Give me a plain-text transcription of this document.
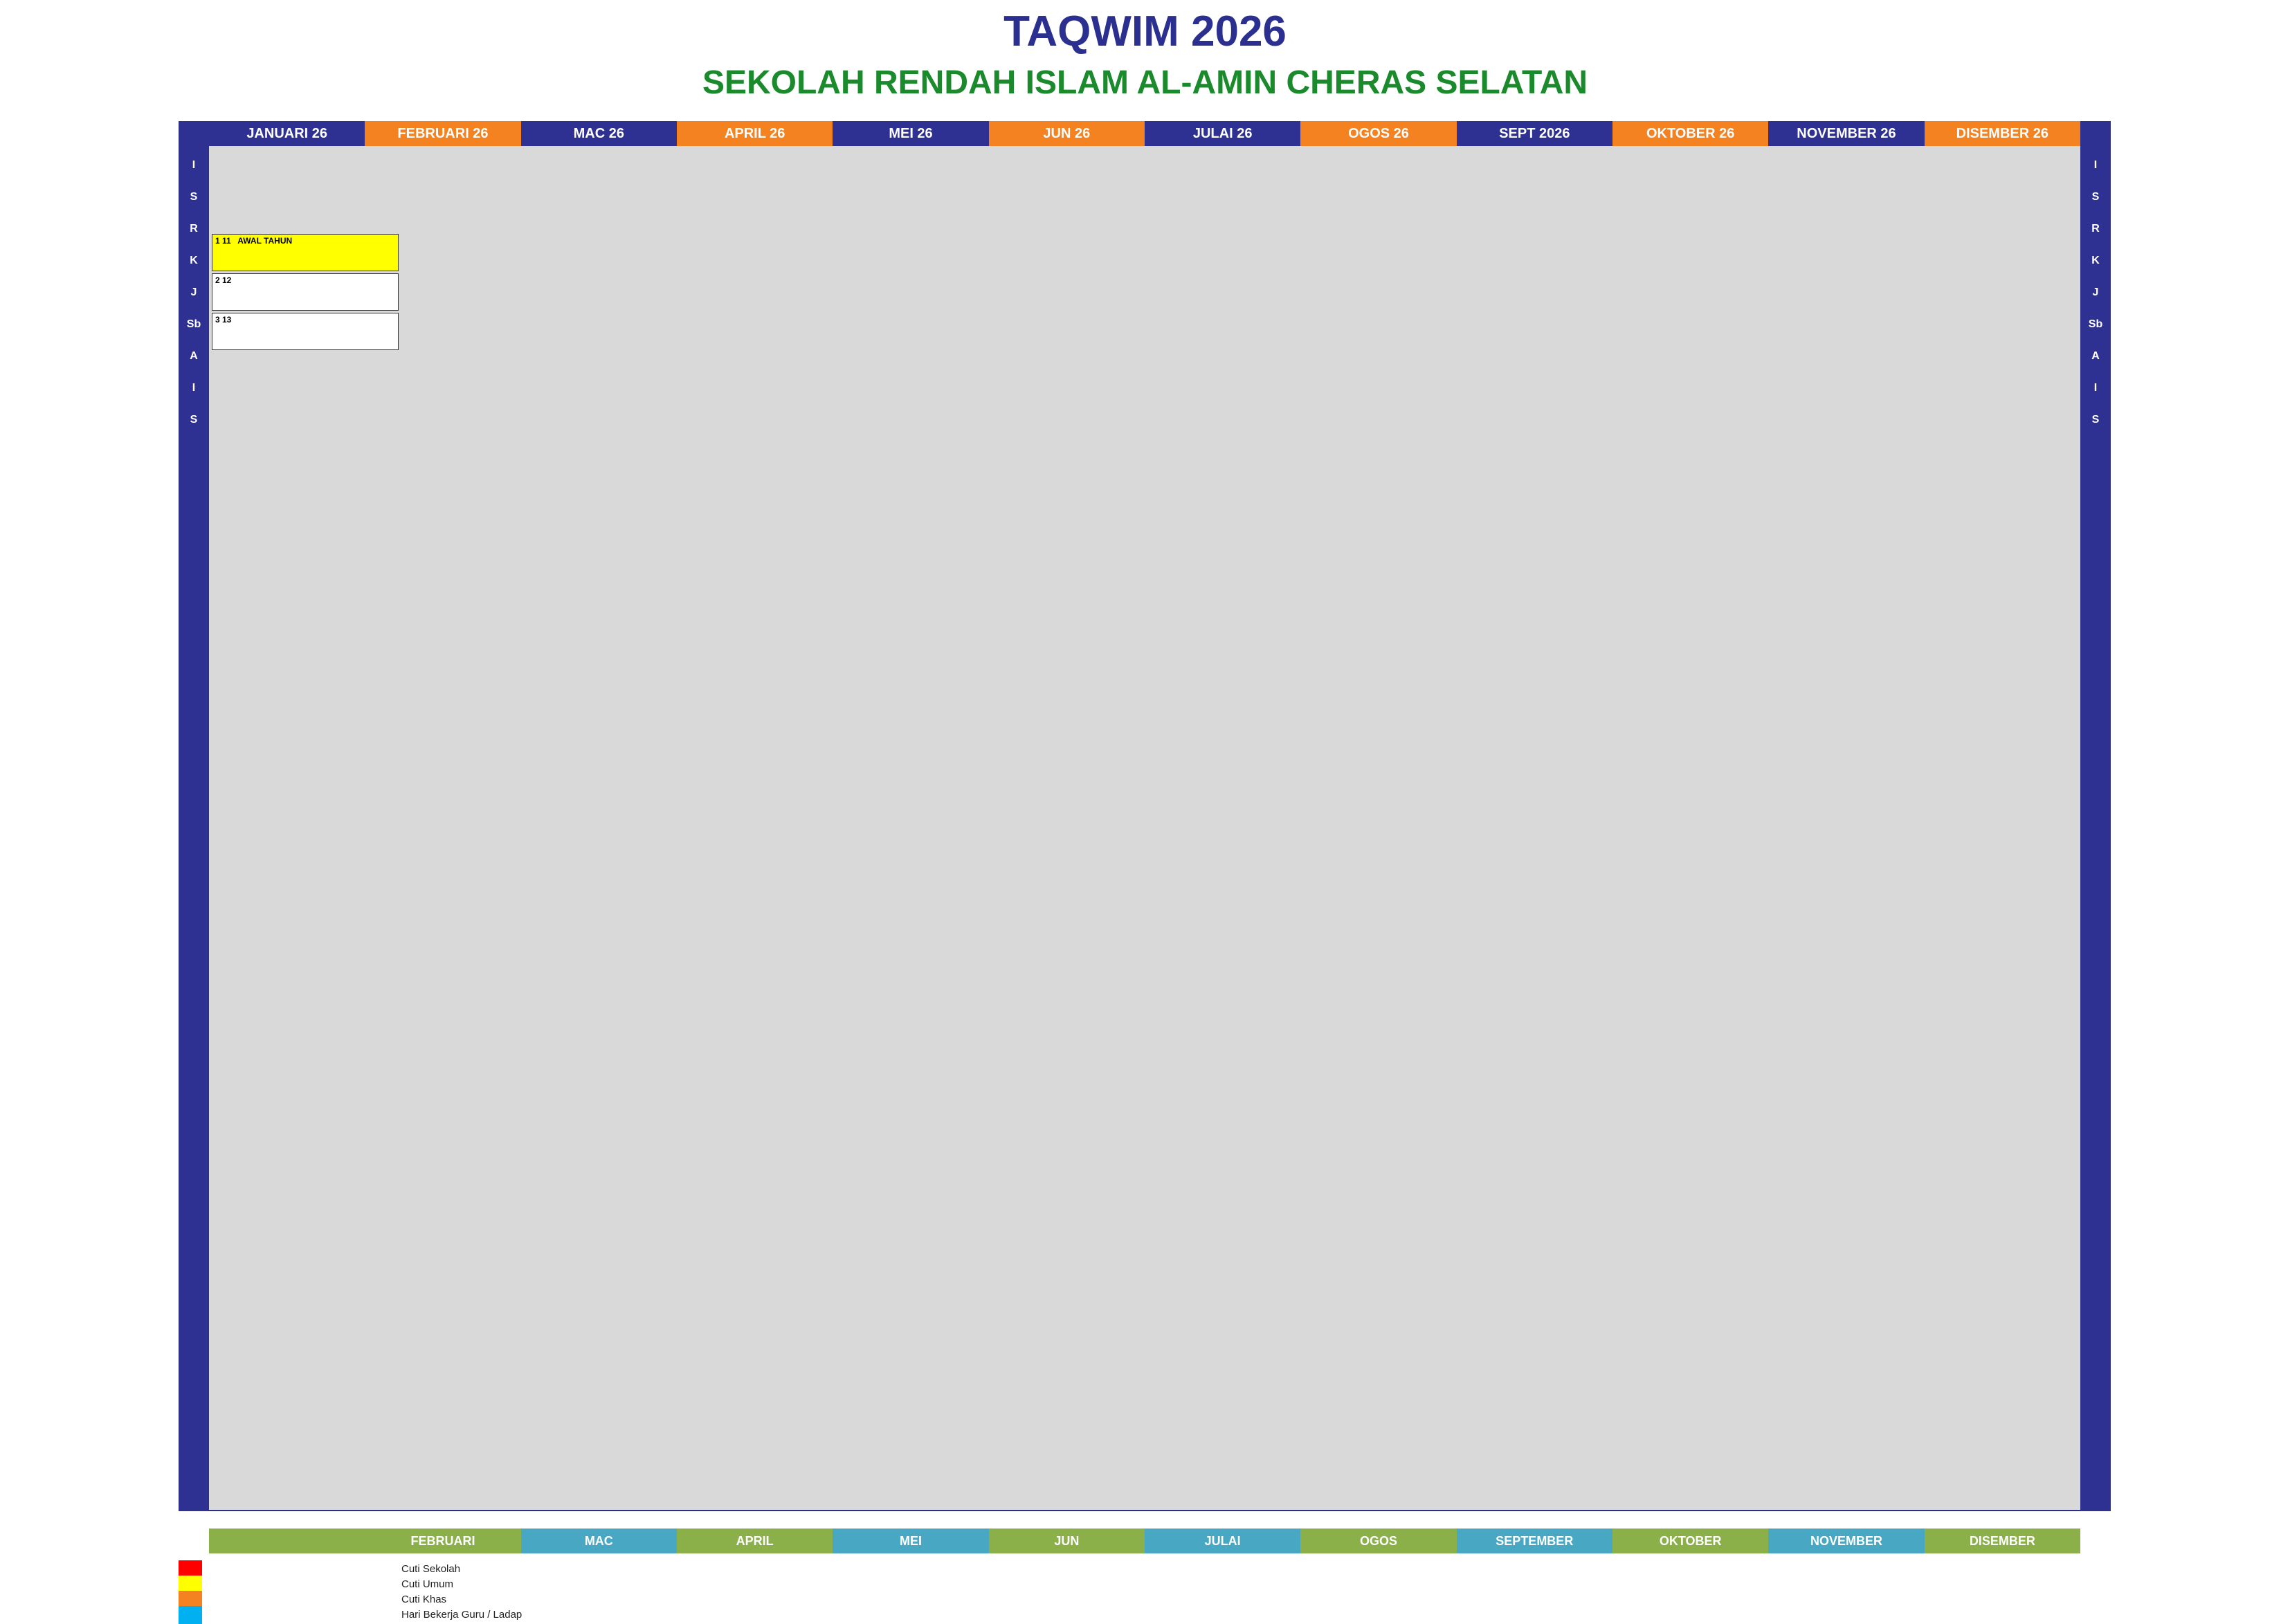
TAQWIM 2026
SEKOLAH RENDAH ISLAM AL-AMIN CHERAS SELATAN
JANUARI 26	FEBRUARI 26	MAC 26	APRIL 26	MEI 26	JUN 26	JULAI 26	OGOS 26	SEPT 2026	OKTOBER 26	NOVEMBER 26	DISEMBER 26
FEBRUARI	MAC	APRIL	MEI	JUN	JULAI	OGOS	SEPTEMBER	OKTOBER	NOVEMBER	DISEMBER
I
S
R
K
J
Sb
A
I
S
I
S
R
K
J
Sb
A
I
S
1 11 AWAL TAHUN
2 12
3 13
Cuti Sekolah
Cuti Umum
Cuti Khas
Hari Bekerja Guru / Ladap
